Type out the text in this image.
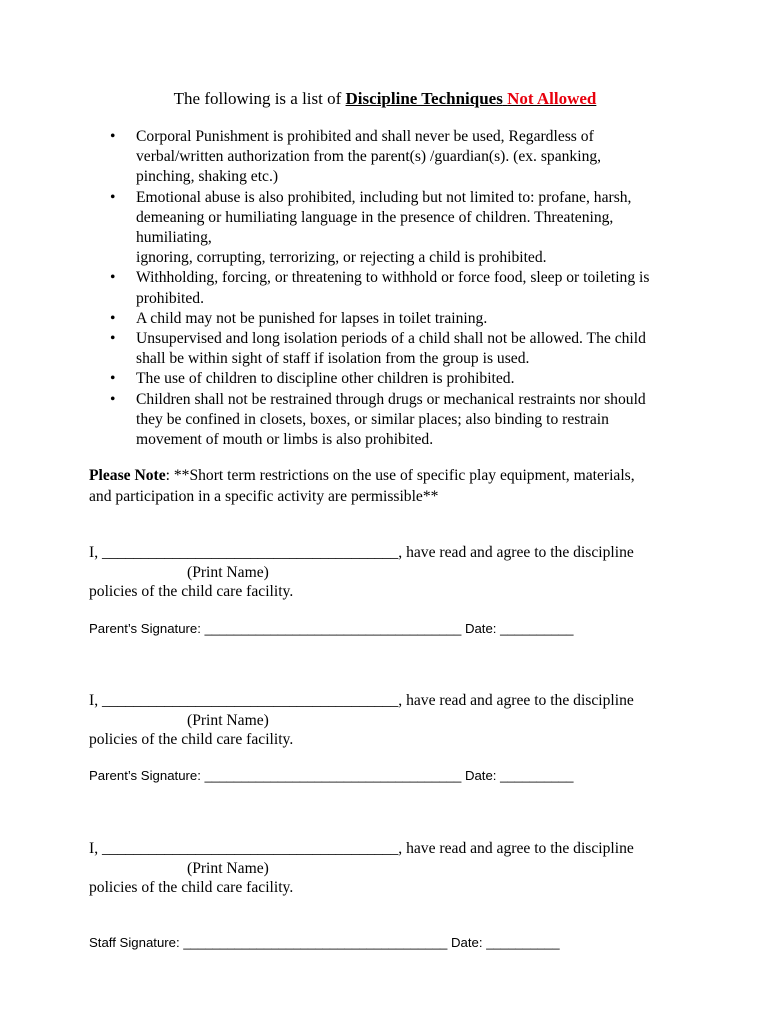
The following is a list of Discipline Techniques Not Allowed
• Corporal Punishment is prohibited and shall never be used, Regardless of
verbal/written authorization from the parent(s) /guardian(s). (ex. spanking,
pinching, shaking etc.)
• Emotional abuse is also prohibited, including but not limited to: profane, harsh,
demeaning or humiliating language in the presence of children. Threatening,
humiliating,
ignoring, corrupting, terrorizing, or rejecting a child is prohibited.
• Withholding, forcing, or threatening to withhold or force food, sleep or toileting is
prohibited.
• A child may not be punished for lapses in toilet training.
• Unsupervised and long isolation periods of a child shall not be allowed. The child
shall be within sight of staff if isolation from the group is used.
• The use of children to discipline other children is prohibited.
• Children shall not be restrained through drugs or mechanical restraints nor should
they be confined in closets, boxes, or similar places; also binding to restrain
movement of mouth or limbs is also prohibited.
Please Note: **Short term restrictions on the use of specific play equipment, materials,
and participation in a specific activity are permissible**
I, ______________________________________, have read and agree to the discipline
(Print Name)
policies of the child care facility.
Parent’s Signature: ___________________________________ Date: __________
I, ______________________________________, have read and agree to the discipline
(Print Name)
policies of the child care facility.
Parent’s Signature: ___________________________________ Date: __________
I, ______________________________________, have read and agree to the discipline
(Print Name)
policies of the child care facility.
Staff Signature: ____________________________________ Date: __________
